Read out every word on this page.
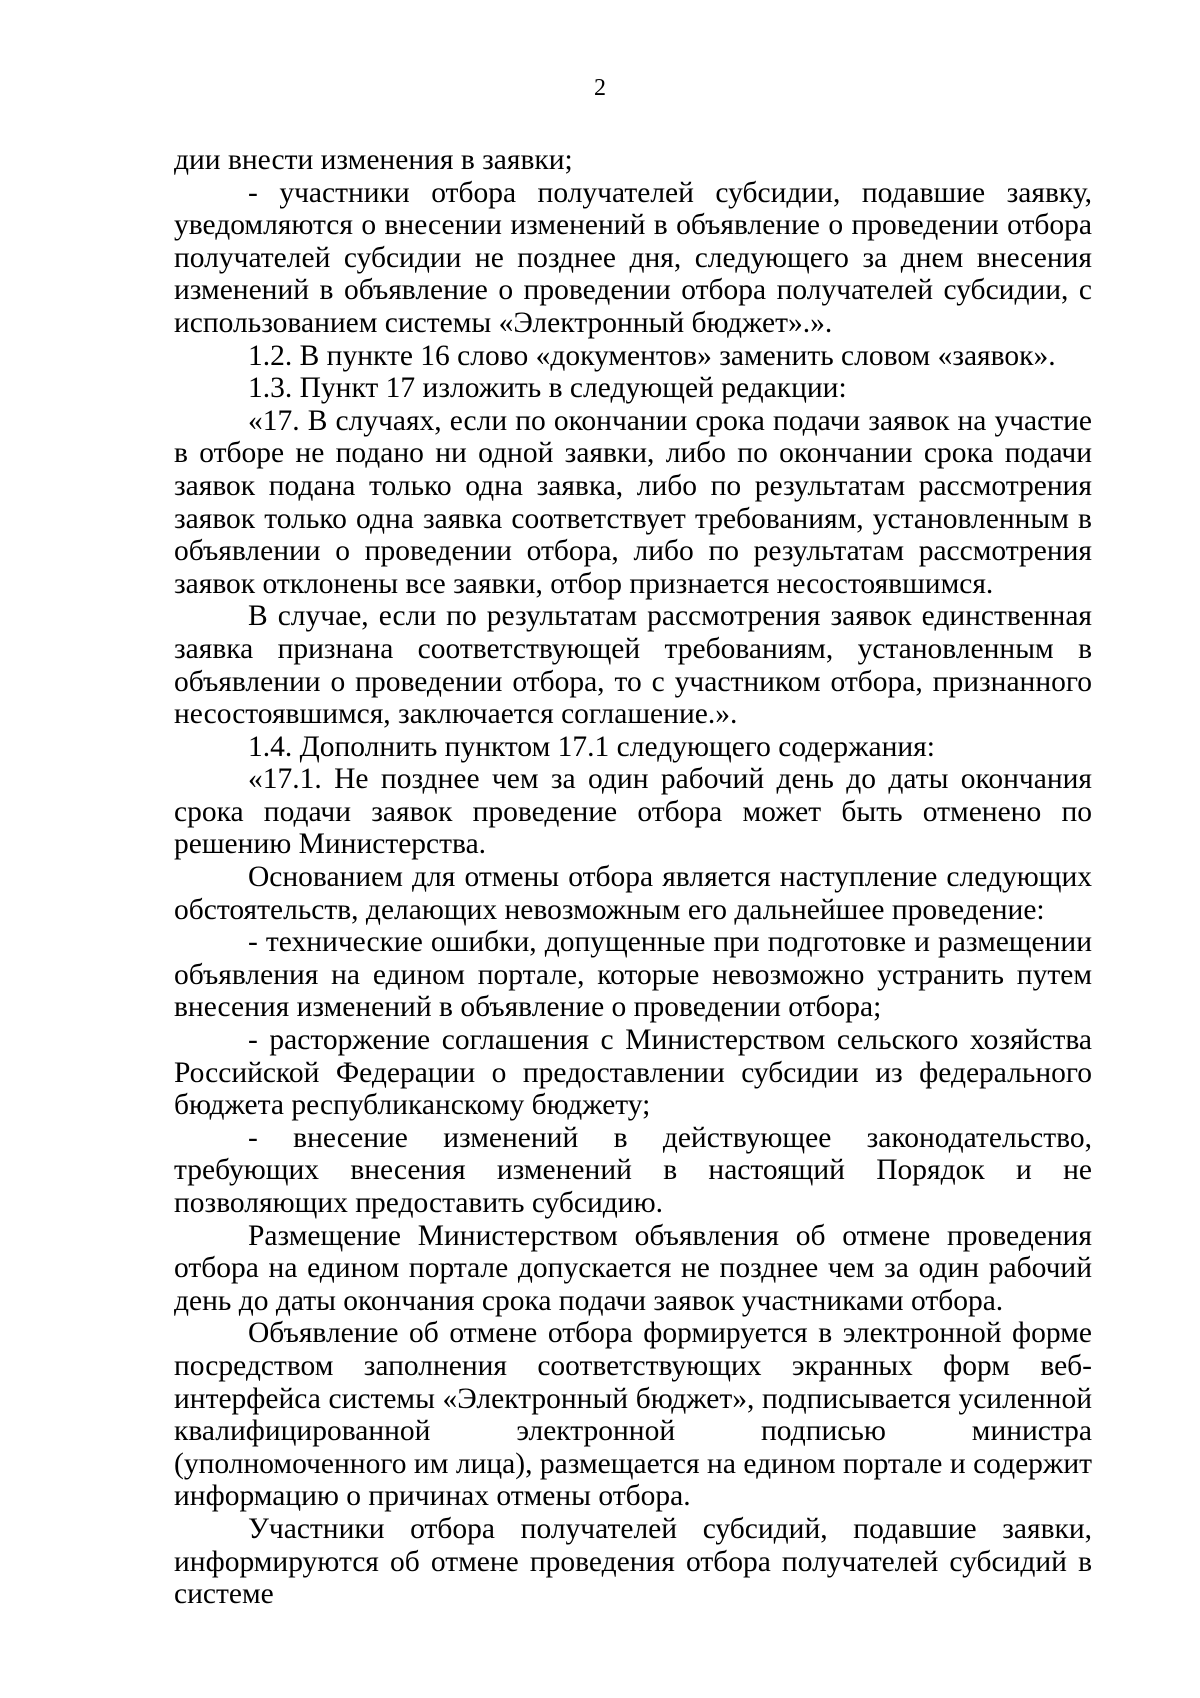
2

дии внести изменения в заявки;

- участники отбора получателей субсидии, подавшие заявку, уведомляются о внесении изменений в объявление о проведении отбора получателей субсидии не позднее дня, следующего за днем внесения изменений в объявление о проведении отбора получателей субсидии, с использованием системы «Электронный бюджет».».

1.2. В пункте 16 слово «документов» заменить словом «заявок».

1.3. Пункт 17 изложить в следующей редакции:

«17. В случаях, если по окончании срока подачи заявок на участие в отборе не подано ни одной заявки, либо по окончании срока подачи заявок подана только одна заявка, либо по результатам рассмотрения заявок только одна заявка соответствует требованиям, установленным в объявлении о проведении отбора, либо по результатам рассмотрения заявок отклонены все заявки, отбор признается несостоявшимся.

В случае, если по результатам рассмотрения заявок единственная заявка признана соответствующей требованиям, установленным в объявлении о проведении отбора, то с участником отбора, признанного несостоявшимся, заключается соглашение.».

1.4. Дополнить пунктом 17.1 следующего содержания:

«17.1. Не позднее чем за один рабочий день до даты окончания срока подачи заявок проведение отбора может быть отменено по решению Министерства.

Основанием для отмены отбора является наступление следующих обстоятельств, делающих невозможным его дальнейшее проведение:

- технические ошибки, допущенные при подготовке и размещении объявления на едином портале, которые невозможно устранить путем внесения изменений в объявление о проведении отбора;

- расторжение соглашения с Министерством сельского хозяйства Российской Федерации о предоставлении субсидии из федерального бюджета республиканскому бюджету;

- внесение изменений в действующее законодательство, требующих внесения изменений в настоящий Порядок и не позволяющих предоставить субсидию.

Размещение Министерством объявления об отмене проведения отбора на едином портале допускается не позднее чем за один рабочий день до даты окончания срока подачи заявок участниками отбора.

Объявление об отмене отбора формируется в электронной форме посредством заполнения соответствующих экранных форм веб-интерфейса системы «Электронный бюджет», подписывается усиленной квалифицированной электронной подписью министра (уполномоченного им лица), размещается на едином портале и содержит информацию о причинах отмены отбора.

Участники отбора получателей субсидий, подавшие заявки, информируются об отмене проведения отбора получателей субсидий в системе
